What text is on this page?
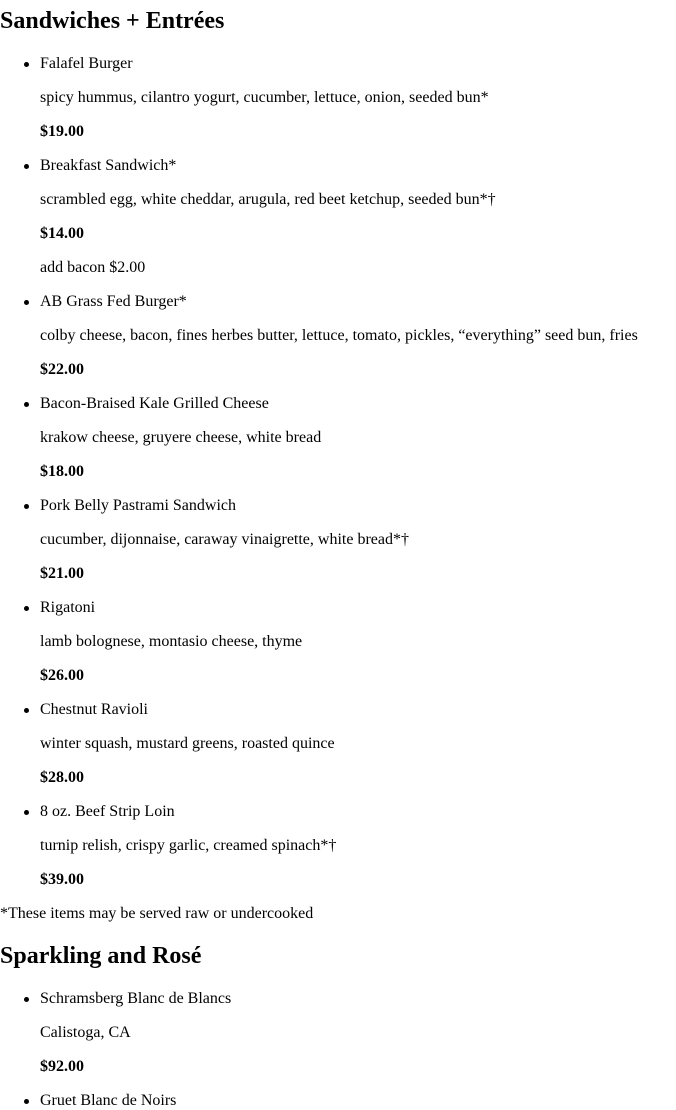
Sandwiches + Entrées

Falafel Burger

spicy hummus, cilantro yogurt, cucumber, lettuce, onion, seeded bun*

$19.00

Breakfast Sandwich*

scrambled egg, white cheddar, arugula, red beet ketchup, seeded bun*†

$14.00

add bacon $2.00

AB Grass Fed Burger*

colby cheese, bacon, fines herbes butter, lettuce, tomato, pickles, “everything” seed bun, fries

$22.00

Bacon-Braised Kale Grilled Cheese

krakow cheese, gruyere cheese, white bread

$18.00

Pork Belly Pastrami Sandwich

cucumber, dijonnaise, caraway vinaigrette, white bread*†

$21.00

Rigatoni

lamb bolognese, montasio cheese, thyme

$26.00

Chestnut Ravioli

winter squash, mustard greens, roasted quince

$28.00

8 oz. Beef Strip Loin

turnip relish, crispy garlic, creamed spinach*†

$39.00

*These items may be served raw or undercooked

Sparkling and Rosé

Schramsberg Blanc de Blancs

Calistoga, CA

$92.00

Gruet Blanc de Noirs
